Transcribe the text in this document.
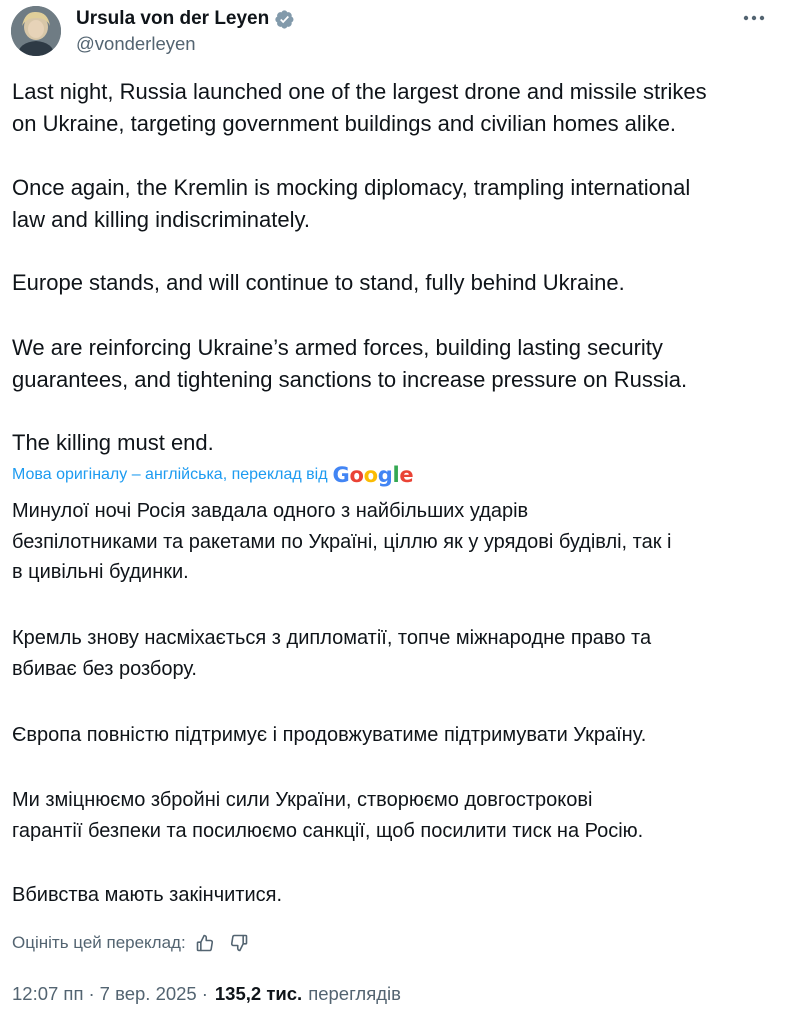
Ursula von der Leyen
@vonderleyen
Last night, Russia launched one of the largest drone and missile strikes
on Ukraine, targeting government buildings and civilian homes alike.
Once again, the Kremlin is mocking diplomacy, trampling international
law and killing indiscriminately.
Europe stands, and will continue to stand, fully behind Ukraine.
We are reinforcing Ukraine’s armed forces, building lasting security
guarantees, and tightening sanctions to increase pressure on Russia.
The killing must end.
Мова оригіналу – англійська, переклад від Google
Минулої ночі Росія завдала одного з найбільших ударів
безпілотниками та ракетами по Україні, ціллю як у урядові будівлі, так і
в цивільні будинки.
Кремль знову насміхається з дипломатії, топче міжнародне право та
вбиває без розбору.
Європа повністю підтримує і продовжуватиме підтримувати Україну.
Ми зміцнюємо збройні сили України, створюємо довгострокові
гарантії безпеки та посилюємо санкції, щоб посилити тиск на Росію.
Вбивства мають закінчитися.
Оцініть цей переклад:
12:07 пп · 7 вер. 2025 · 135,2 тис. переглядів
